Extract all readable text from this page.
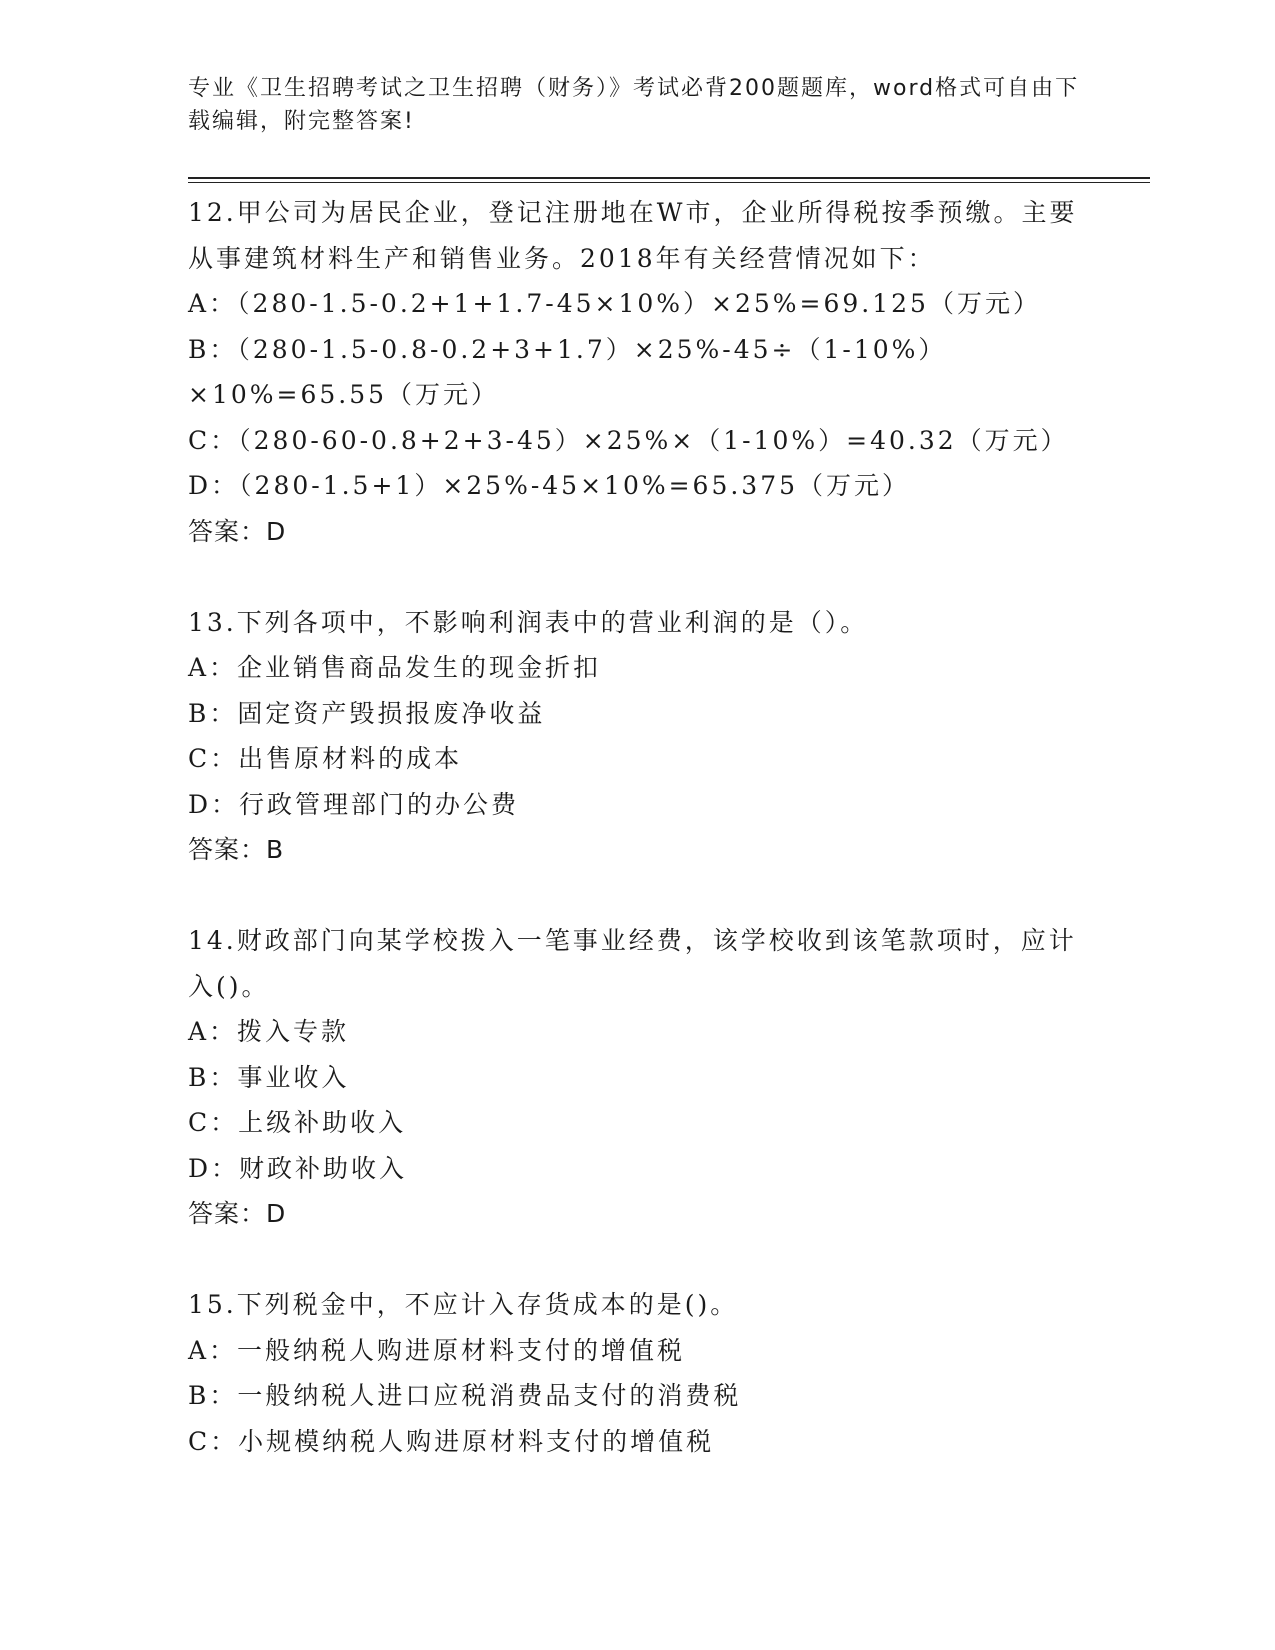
专业《卫生招聘考试之卫生招聘（财务）》考试必背200题题库，word格式可自由下载编辑，附完整答案!

12.甲公司为居民企业，登记注册地在W市，企业所得税按季预缴。主要从事建筑材料生产和销售业务。2018年有关经营情况如下：

A：（280-1.5-0.2+1+1.7-45×10%）×25%=69.125（万元）

B：（280-1.5-0.8-0.2+3+1.7）×25%-45÷（1-10%）×10%=65.55（万元）

C：（280-60-0.8+2+3-45）×25%×（1-10%）=40.32（万元）

D：（280-1.5+1）×25%-45×10%=65.375（万元）

答案：D

13.下列各项中，不影响利润表中的营业利润的是（）。

A：企业销售商品发生的现金折扣

B：固定资产毁损报废净收益

C：出售原材料的成本

D：行政管理部门的办公费

答案：B

14.财政部门向某学校拨入一笔事业经费，该学校收到该笔款项时，应计入()。

A：拨入专款

B：事业收入

C：上级补助收入

D：财政补助收入

答案：D

15.下列税金中，不应计入存货成本的是()。

A：一般纳税人购进原材料支付的增值税

B：一般纳税人进口应税消费品支付的消费税

C：小规模纳税人购进原材料支付的增值税
